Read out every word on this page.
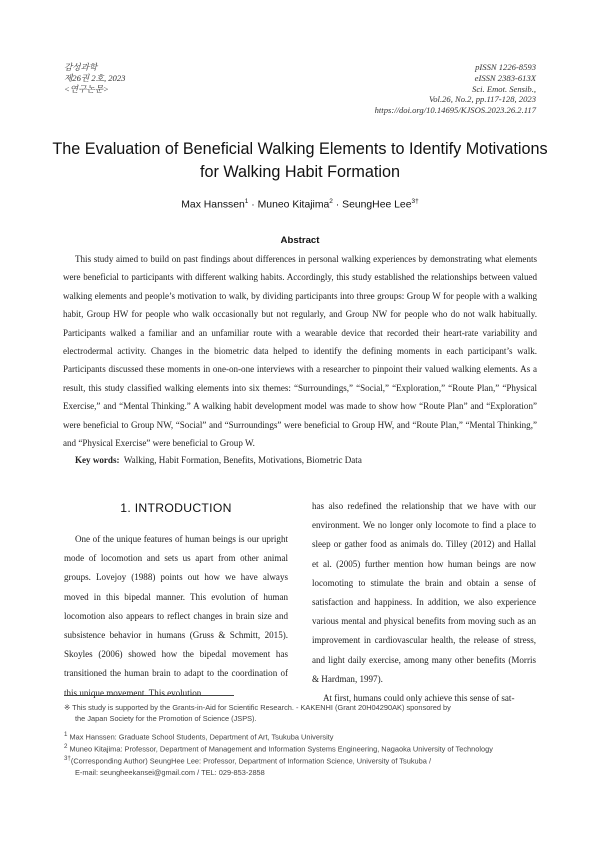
감성과학
제26권 2호, 2023
<연구논문>
pISSN 1226-8593
eISSN 2383-613X
Sci. Emot. Sensib.,
Vol.26, No.2, pp.117-128, 2023
https://doi.org/10.14695/KJSOS.2023.26.2.117
The Evaluation of Beneficial Walking Elements to Identify Motivations
for Walking Habit Formation
Max Hanssen$^1$ · Muneo Kitajima$^2$ · SeungHee Lee$^{3\dagger}$
Abstract

This study aimed to build on past findings about differences in personal walking experiences by demonstrating what elements were beneficial to participants with different walking habits. Accordingly, this study established the relationships between valued walking elements and people’s motivation to walk, by dividing participants into three groups: Group W for people with a walking habit, Group HW for people who walk occasionally but not regularly, and Group NW for people who do not walk habitually. Participants walked a familiar and an unfamiliar route with a wearable device that recorded their heart-rate variability and electrodermal activity. Changes in the biometric data helped to identify the defining moments in each participant’s walk. Participants discussed these moments in one-on-one interviews with a researcher to pinpoint their valued walking elements. As a result, this study classified walking elements into six themes: “Surroundings,” “Social,” “Exploration,” “Route Plan,” “Physical Exercise,” and “Mental Thinking.” A walking habit development model was made to show how “Route Plan” and “Exploration” were beneficial to Group NW, “Social” and “Surroundings” were beneficial to Group HW, and “Route Plan,” “Mental Thinking,” and “Physical Exercise” were beneficial to Group W.

Key words: Walking, Habit Formation, Benefits, Motivations, Biometric Data
1. INTRODUCTION

One of the unique features of human beings is our upright mode of locomotion and sets us apart from other animal groups. Lovejoy (1988) points out how we have always moved in this bipedal manner. This evolution of human locomotion also appears to reflect changes in brain size and subsistence behavior in humans (Gruss & Schmitt, 2015). Skoyles (2006) showed how the bipedal movement has transitioned the human brain to adapt to the coordination of this unique movement. This evolution

has also redefined the relationship that we have with our environment. We no longer only locomote to find a place to sleep or gather food as animals do. Tilley (2012) and Hallal et al. (2005) further mention how human beings are now locomoting to stimulate the brain and obtain a sense of satisfaction and happiness. In addition, we also experience various mental and physical benefits from moving such as an improvement in cardiovascular health, the release of stress, and light daily exercise, among many other benefits (Morris & Hardman, 1997).

At first, humans could only achieve this sense of sat-

※ This study is supported by the Grants-in-Aid for Scientific Research. - KAKENHI (Grant 20H04290AK) sponsored by
the Japan Society for the Promotion of Science (JSPS).
$^1$ Max Hanssen: Graduate School Students, Department of Art, Tsukuba University
$^2$ Muneo Kitajima: Professor, Department of Management and Information Systems Engineering, Nagaoka University of Technology
$^{3\dagger}$(Corresponding Author) SeungHee Lee: Professor, Department of Information Science, University of Tsukuba /
E-mail: seungheekansei@gmail.com / TEL: 029-853-2858
